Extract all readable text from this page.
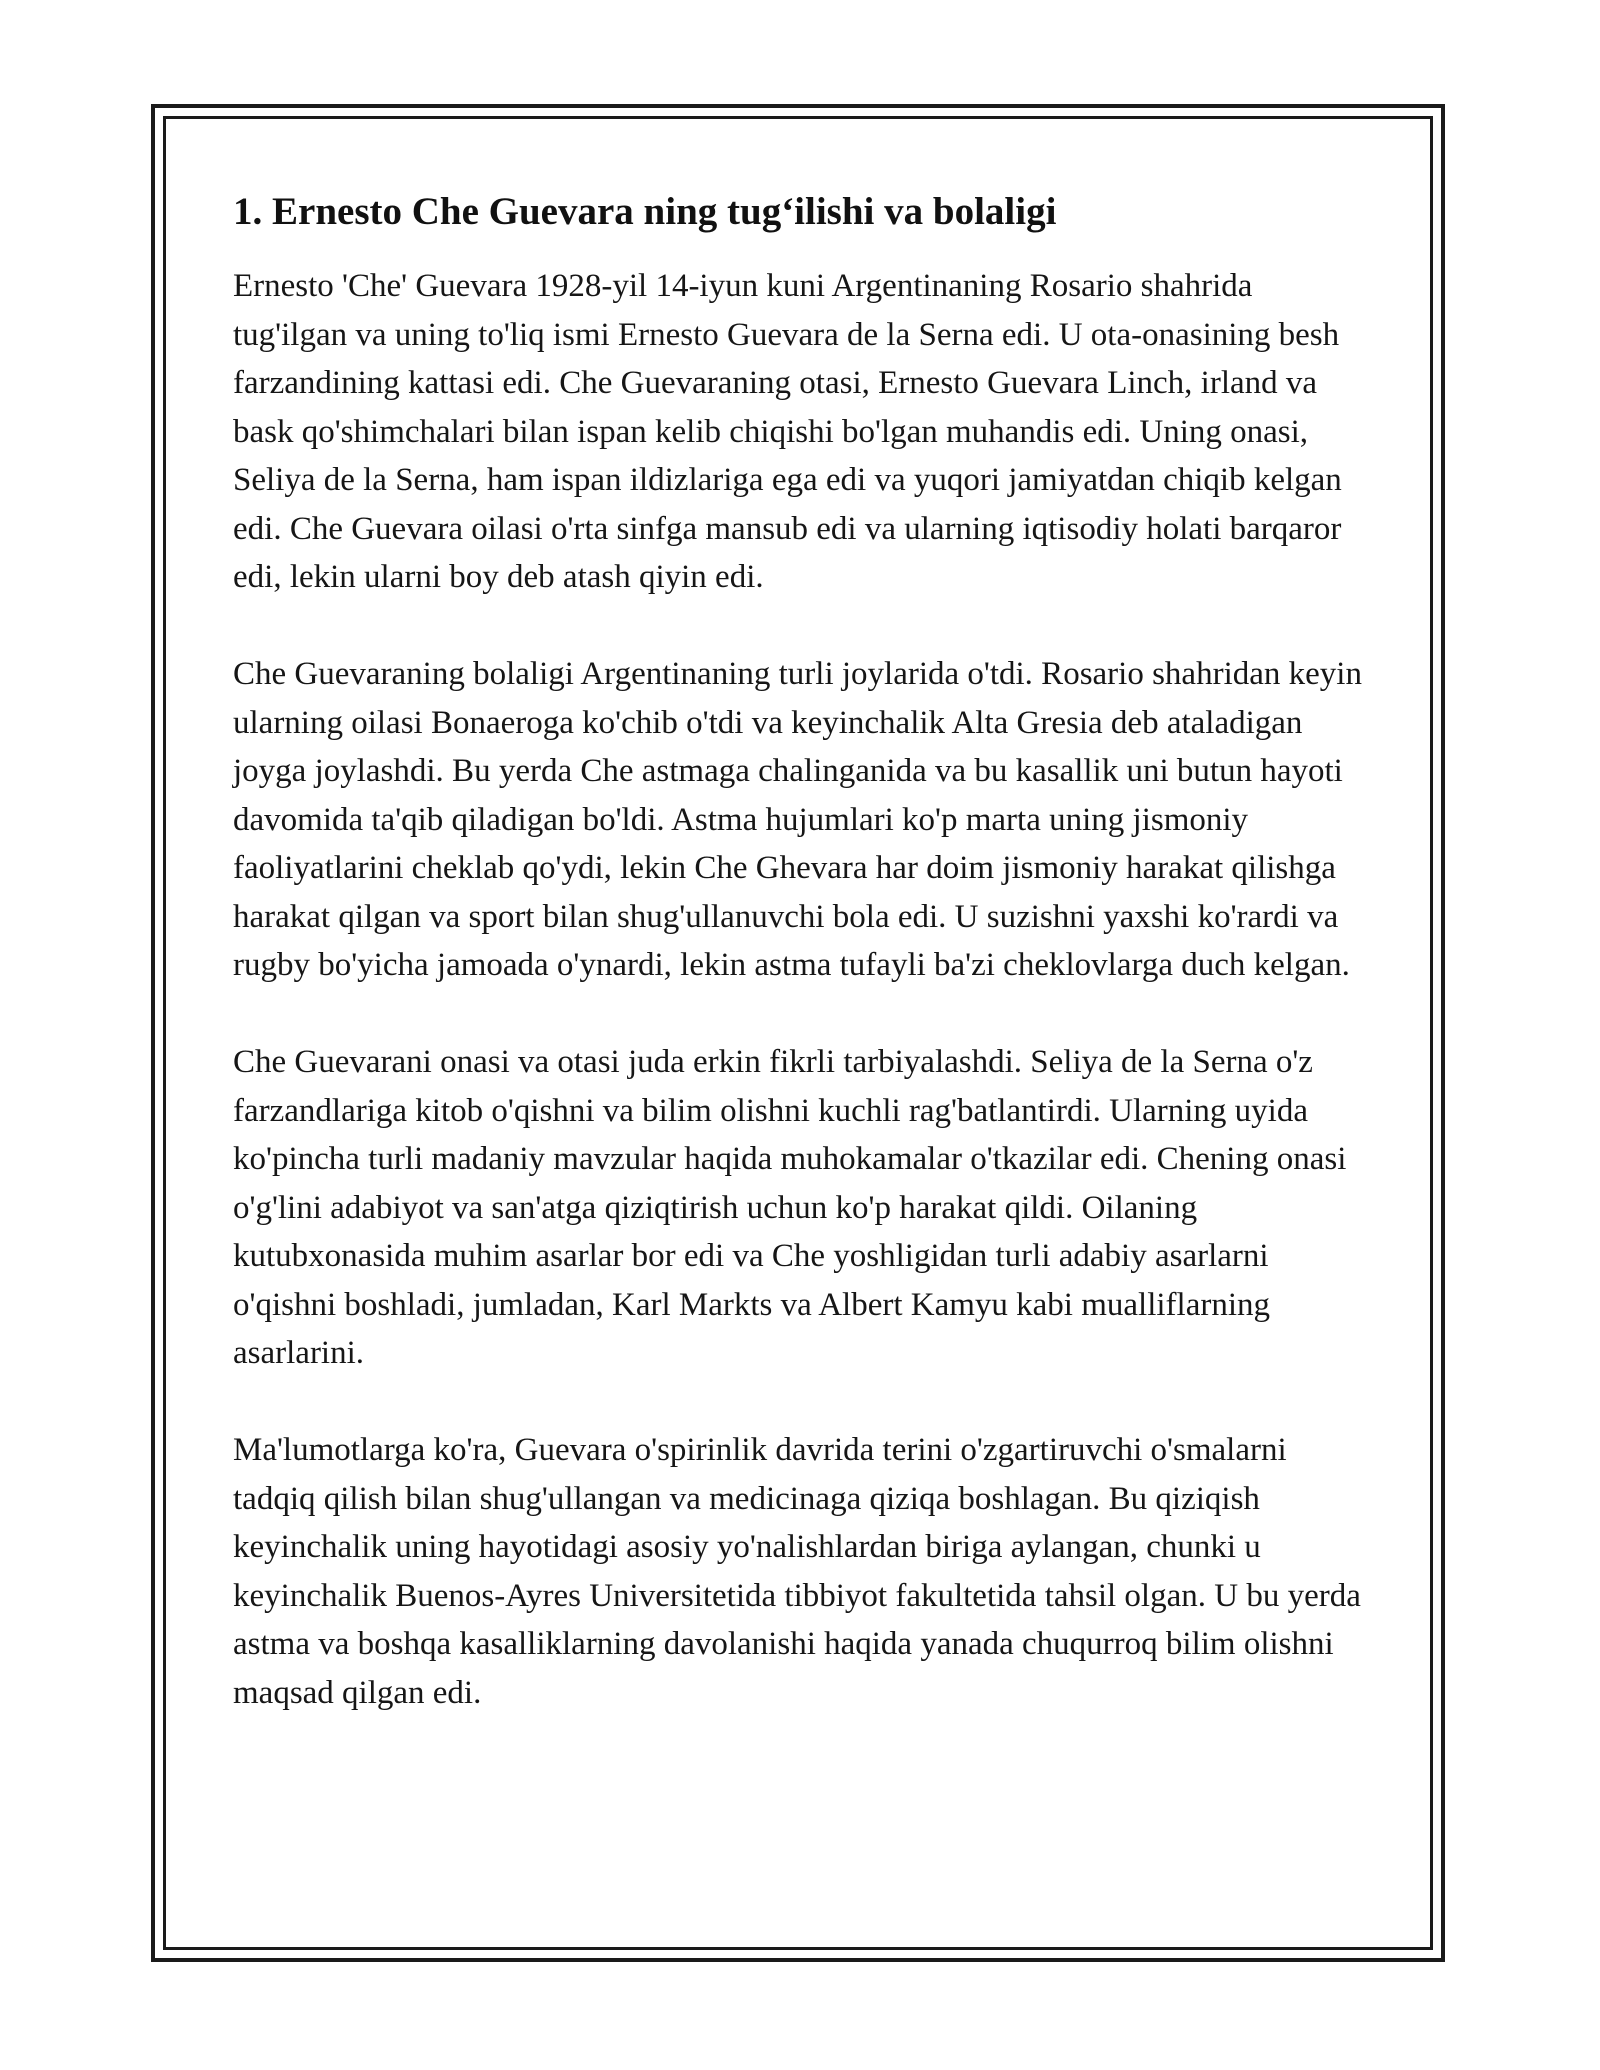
1. Ernesto Che Guevara ning tug‘ilishi va bolaligi

Ernesto 'Che' Guevara 1928-yil 14-iyun kuni Argentinaning Rosario shahrida tug'ilgan va uning to'liq ismi Ernesto Guevara de la Serna edi. U ota-onasining besh farzandining kattasi edi. Che Guevaraning otasi, Ernesto Guevara Linch, irland va bask qo'shimchalari bilan ispan kelib chiqishi bo'lgan muhandis edi. Uning onasi, Seliya de la Serna, ham ispan ildizlariga ega edi va yuqori jamiyatdan chiqib kelgan edi. Che Guevara oilasi o'rta sinfga mansub edi va ularning iqtisodiy holati barqaror edi, lekin ularni boy deb atash qiyin edi.

Che Guevaraning bolaligi Argentinaning turli joylarida o'tdi. Rosario shahridan keyin ularning oilasi Bonaeroga ko'chib o'tdi va keyinchalik Alta Gresia deb ataladigan joyga joylashdi. Bu yerda Che astmaga chalinganida va bu kasallik uni butun hayoti davomida ta'qib qiladigan bo'ldi. Astma hujumlari ko'p marta uning jismoniy faoliyatlarini cheklab qo'ydi, lekin Che Ghevara har doim jismoniy harakat qilishga harakat qilgan va sport bilan shug'ullanuvchi bola edi. U suzishni yaxshi ko'rardi va rugby bo'yicha jamoada o'ynardi, lekin astma tufayli ba'zi cheklovlarga duch kelgan.

Che Guevarani onasi va otasi juda erkin fikrli tarbiyalashdi. Seliya de la Serna o'z farzandlariga kitob o'qishni va bilim olishni kuchli rag'batlantirdi. Ularning uyida ko'pincha turli madaniy mavzular haqida muhokamalar o'tkazilar edi. Chening onasi o'g'lini adabiyot va san'atga qiziqtirish uchun ko'p harakat qildi. Oilaning kutubxonasida muhim asarlar bor edi va Che yoshligidan turli adabiy asarlarni o'qishni boshladi, jumladan, Karl Markts va Albert Kamyu kabi mualliflarning asarlarini.

Ma'lumotlarga ko'ra, Guevara o'spirinlik davrida terini o'zgartiruvchi o'smalarni tadqiq qilish bilan shug'ullangan va medicinaga qiziqa boshlagan. Bu qiziqish keyinchalik uning hayotidagi asosiy yo'nalishlardan biriga aylangan, chunki u keyinchalik Buenos-Ayres Universitetida tibbiyot fakultetida tahsil olgan. U bu yerda astma va boshqa kasalliklarning davolanishi haqida yanada chuqurroq bilim olishni maqsad qilgan edi.
